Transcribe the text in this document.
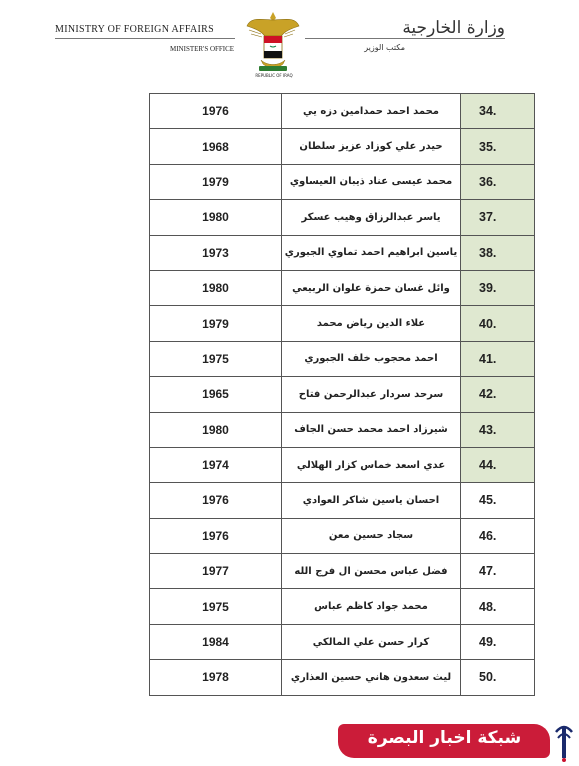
MINISTRY OF FOREIGN AFFAIRS
MINISTER'S OFFICE
REPUBLIC OF IRAQ
وزارة الخارجية
مكتب الوزير
1976	محمد احمد حمدامين دزه يي	34.
1968	حيدر علي كوزاد عزيز سلطان	35.
1979	محمد عيسى عناد ذيبان العيساوي	36.
1980	ياسر عبدالرزاق وهيب عسكر	37.
1973	ياسين ابراهيم احمد تماوي الجبوري	38.
1980	وائل غسان حمزة علوان الربيعي	39.
1979	علاء الدين رياض محمد	40.
1975	احمد محجوب خلف الجبوري	41.
1965	سرحد سردار عبدالرحمن فتاح	42.
1980	شيرزاد احمد محمد حسن الجاف	43.
1974	عدي اسعد خماس كزار الهلالي	44.
1976	احسان ياسين شاكر العوادي	45.
1976	سجاد حسين معن	46.
1977	فضل عباس محسن ال فرج الله	47.
1975	محمد جواد كاظم عباس	48.
1984	كرار حسن علي المالكي	49.
1978	ليث سعدون هاني حسين العذاري	50.
شبكة اخبار البصرة
